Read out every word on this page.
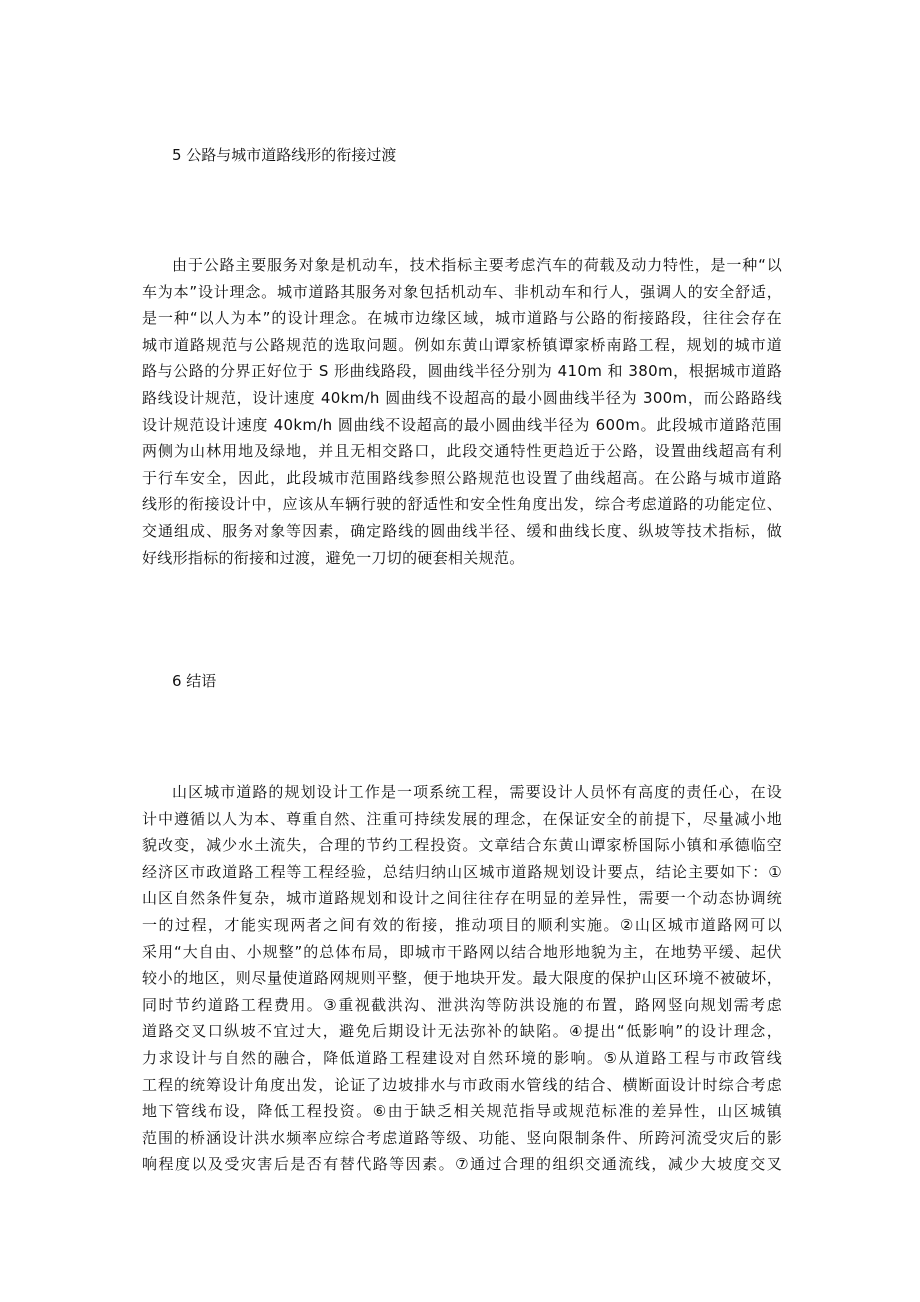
5 公路与城市道路线形的衔接过渡
由于公路主要服务对象是机动车，技术指标主要考虑汽车的荷载及动力特性，是一种“以
车为本”设计理念。城市道路其服务对象包括机动车、非机动车和行人，强调人的安全舒适，
是一种“以人为本”的设计理念。在城市边缘区域，城市道路与公路的衔接路段，往往会存在
城市道路规范与公路规范的选取问题。例如东黄山谭家桥镇谭家桥南路工程，规划的城市道
路与公路的分界正好位于 S 形曲线路段，圆曲线半径分别为 410m 和 380m，根据城市道路
路线设计规范，设计速度 40km/h 圆曲线不设超高的最小圆曲线半径为 300m，而公路路线
设计规范设计速度 40km/h 圆曲线不设超高的最小圆曲线半径为 600m。此段城市道路范围
两侧为山林用地及绿地，并且无相交路口，此段交通特性更趋近于公路，设置曲线超高有利
于行车安全，因此，此段城市范围路线参照公路规范也设置了曲线超高。在公路与城市道路
线形的衔接设计中，应该从车辆行驶的舒适性和安全性角度出发，综合考虑道路的功能定位、
交通组成、服务对象等因素，确定路线的圆曲线半径、缓和曲线长度、纵坡等技术指标，做
好线形指标的衔接和过渡，避免一刀切的硬套相关规范。
6 结语
山区城市道路的规划设计工作是一项系统工程，需要设计人员怀有高度的责任心，在设
计中遵循以人为本、尊重自然、注重可持续发展的理念，在保证安全的前提下，尽量减小地
貌改变，减少水土流失，合理的节约工程投资。文章结合东黄山谭家桥国际小镇和承德临空
经济区市政道路工程等工程经验，总结归纳山区城市道路规划设计要点，结论主要如下：①
山区自然条件复杂，城市道路规划和设计之间往往存在明显的差异性，需要一个动态协调统
一的过程，才能实现两者之间有效的衔接，推动项目的顺利实施。②山区城市道路网可以
采用“大自由、小规整”的总体布局，即城市干路网以结合地形地貌为主，在地势平缓、起伏
较小的地区，则尽量使道路网规则平整，便于地块开发。最大限度的保护山区环境不被破坏，
同时节约道路工程费用。③重视截洪沟、泄洪沟等防洪设施的布置，路网竖向规划需考虑
道路交叉口纵坡不宜过大，避免后期设计无法弥补的缺陷。④提出“低影响”的设计理念，
力求设计与自然的融合，降低道路工程建设对自然环境的影响。⑤从道路工程与市政管线
工程的统筹设计角度出发，论证了边坡排水与市政雨水管线的结合、横断面设计时综合考虑
地下管线布设，降低工程投资。⑥由于缺乏相关规范指导或规范标准的差异性，山区城镇
范围的桥涵设计洪水频率应综合考虑道路等级、功能、竖向限制条件、所跨河流受灾后的影
响程度以及受灾害后是否有替代路等因素。⑦通过合理的组织交通流线，减少大坡度交叉
